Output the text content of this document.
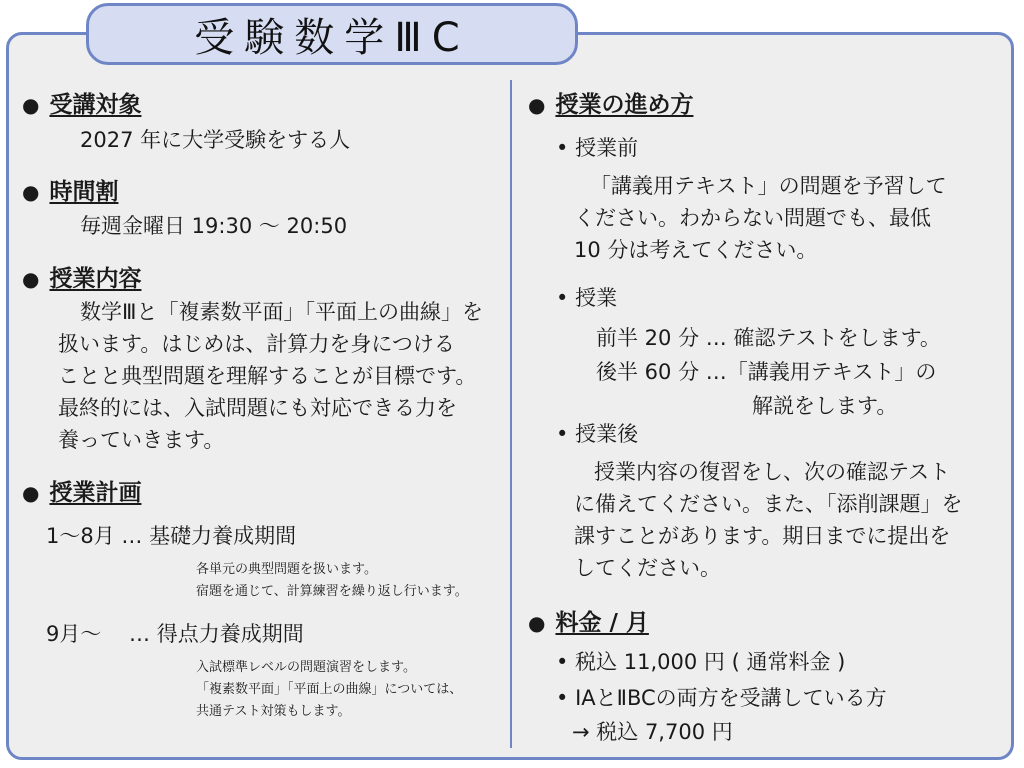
受験数学ⅢC
● 受講対象
2027 年に大学受験をする人
● 時間割
毎週金曜日 19:30 ～ 20:50
● 授業内容
数学Ⅲと「複素数平面」「平面上の曲線」を
扱います。はじめは、計算力を身につける
ことと典型問題を理解することが目標です。
最終的には、入試問題にも対応できる力を
養っていきます。
● 授業計画
1～8月 … 基礎力養成期間
各単元の典型問題を扱います。
宿題を通じて、計算練習を繰り返し行います。
9月～　 … 得点力養成期間
入試標準レベルの問題演習をします。
「複素数平面」「平面上の曲線」については、
共通テスト対策もします。
● 授業の進め方
• 授業前
「講義用テキスト」の問題を予習して
ください。わからない問題でも、最低
10 分は考えてください。
• 授業
前半 20 分 … 確認テストをします。
後半 60 分 …「講義用テキスト」の
解説をします。
• 授業後
授業内容の復習をし、次の確認テスト
に備えてください。また、「添削課題」を
課すことがあります。期日までに提出を
してください。
● 料金 / 月
• 税込 11,000 円 ( 通常料金 )
• ⅠAとⅡBCの両方を受講している方
→ 税込 7,700 円
